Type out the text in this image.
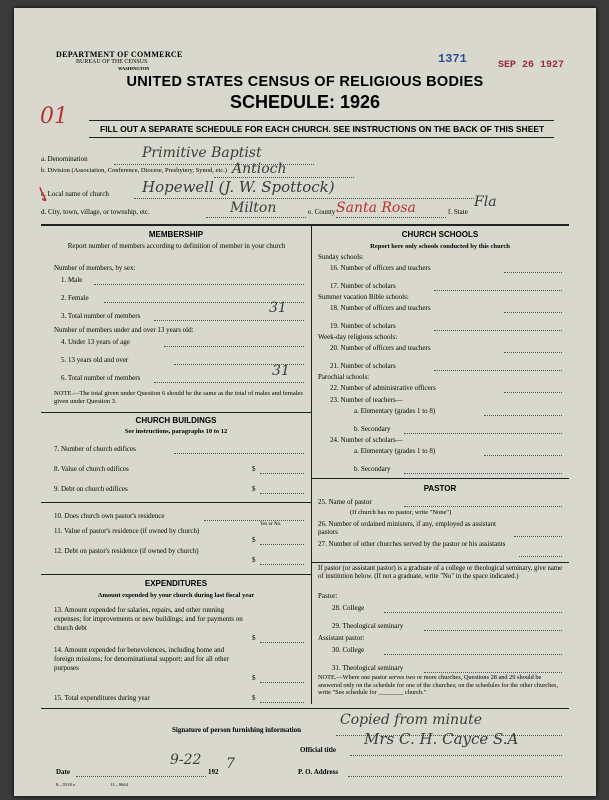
DEPARTMENT OF COMMERCE
BUREAU OF THE CENSUS
WASHINGTON
1371	SEP 26 1927
UNITED STATES CENSUS OF RELIGIOUS BODIES
SCHEDULE: 1926
01	FILL OUT A SEPARATE SCHEDULE FOR EACH CHURCH. SEE INSTRUCTIONS ON THE BACK OF THIS SHEET
a. Denomination	Primitive Baptist
b. Division (Association, Conference, Diocese, Presbytery, Synod, etc.) Antioch
c. Local name of church Hopewell (J. W. Spottock)
✓
d. City, town, village, or township, etc.	Milton	e. County Santa Rosa	f. State
Fla
MEMBERSHIP
Report number of members according to definition of member in your church
Number of members, by sex:
1. Male
2. Female
3. Total number of members	31
Number of members under and over 13 years old:
4. Under 13 years of age
5. 13 years old and over
6. Total number of members	31
NOTE.—The total given under Question 6 should be the same as the total of males and females given under Question 3.
CHURCH BUILDINGS
See instructions, paragraphs 10 to 12
7. Number of church edifices
8. Value of church edifices	$
9. Debt on church edifices	$
10. Does church own pastor's residence
Yes or No.
11. Value of pastor's residence (if owned by church)
$
12. Debt on pastor's residence (if owned by church)
$
EXPENDITURES
Amount expended by your church during last fiscal year
13. Amount expended for salaries, repairs, and other running expenses; for improvements or new buildings; and for payments on church debt
$
14. Amount expended for benevolences, including home and foreign missions; for denominational support; and for all other purposes
$
15. Total expenditures during year	$
CHURCH SCHOOLS
Report here only schools conducted by this church
Sunday schools:
16. Number of officers and teachers
17. Number of scholars
Summer vacation Bible schools:
18. Number of officers and teachers
19. Number of scholars
Week-day religious schools:
20. Number of officers and teachers
21. Number of scholars
Parochial schools:
22. Number of administrative officers
23. Number of teachers—
a. Elementary (grades 1 to 8)
b. Secondary
24. Number of scholars—
a. Elementary (grades 1 to 8)
b. Secondary
PASTOR
25. Name of pastor
(If church has no pastor, write "None")
26. Number of ordained ministers, if any, employed as assistant pastors
27. Number of other churches served by the pastor or his assistants
If pastor (or assistant pastor) is a graduate of a college or theological seminary, give name of institution below. (If not a graduate, write "No" in the space indicated.)
Pastor:
28. College
29. Theological seminary
Assistant pastor:
30. College
31. Theological seminary
NOTE.—Where one pastor serves two or more churches, Questions 28 and 29 should be answered only on the schedule for one of the churches; on the schedules for the other churches, write "See schedule for ________ church."
Signature of person furnishing information
Copied from minute
Official title
Mrs C. H. Cayce S.A
Date
9-22
192 7	P. O. Address
8—5518 a	11—9664
